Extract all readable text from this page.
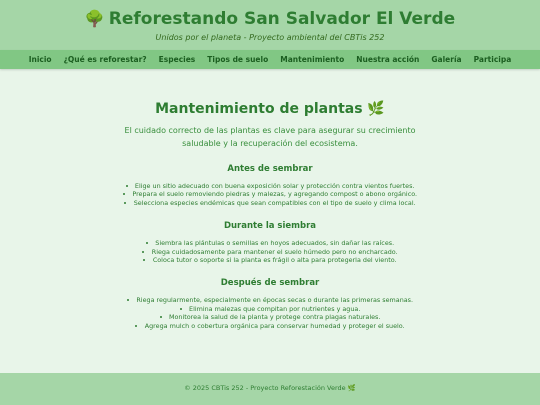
🌳 Reforestando San Salvador El Verde
Unidos por el planeta - Proyecto ambiental del CBTis 252
Inicio ¿Qué es reforestar? Especies Tipos de suelo Mantenimiento Nuestra acción Galería Participa
Mantenimiento de plantas 🌿

El cuidado correcto de las plantas es clave para asegurar su crecimiento saludable y la recuperación del ecosistema.

Antes de sembrar
• Elige un sitio adecuado con buena exposición solar y protección contra vientos fuertes.
• Prepara el suelo removiendo piedras y malezas, y agregando compost o abono orgánico.
• Selecciona especies endémicas que sean compatibles con el tipo de suelo y clima local.
Durante la siembra
• Siembra las plántulas o semillas en hoyos adecuados, sin dañar las raíces.
• Riega cuidadosamente para mantener el suelo húmedo pero no encharcado.
• Coloca tutor o soporte si la planta es frágil o alta para protegerla del viento.
Después de sembrar
• Riega regularmente, especialmente en épocas secas o durante las primeras semanas.
• Elimina malezas que compitan por nutrientes y agua.
• Monitorea la salud de la planta y protege contra plagas naturales.
• Agrega mulch o cobertura orgánica para conservar humedad y proteger el suelo.
© 2025 CBTis 252 - Proyecto Reforestación Verde 🌿
